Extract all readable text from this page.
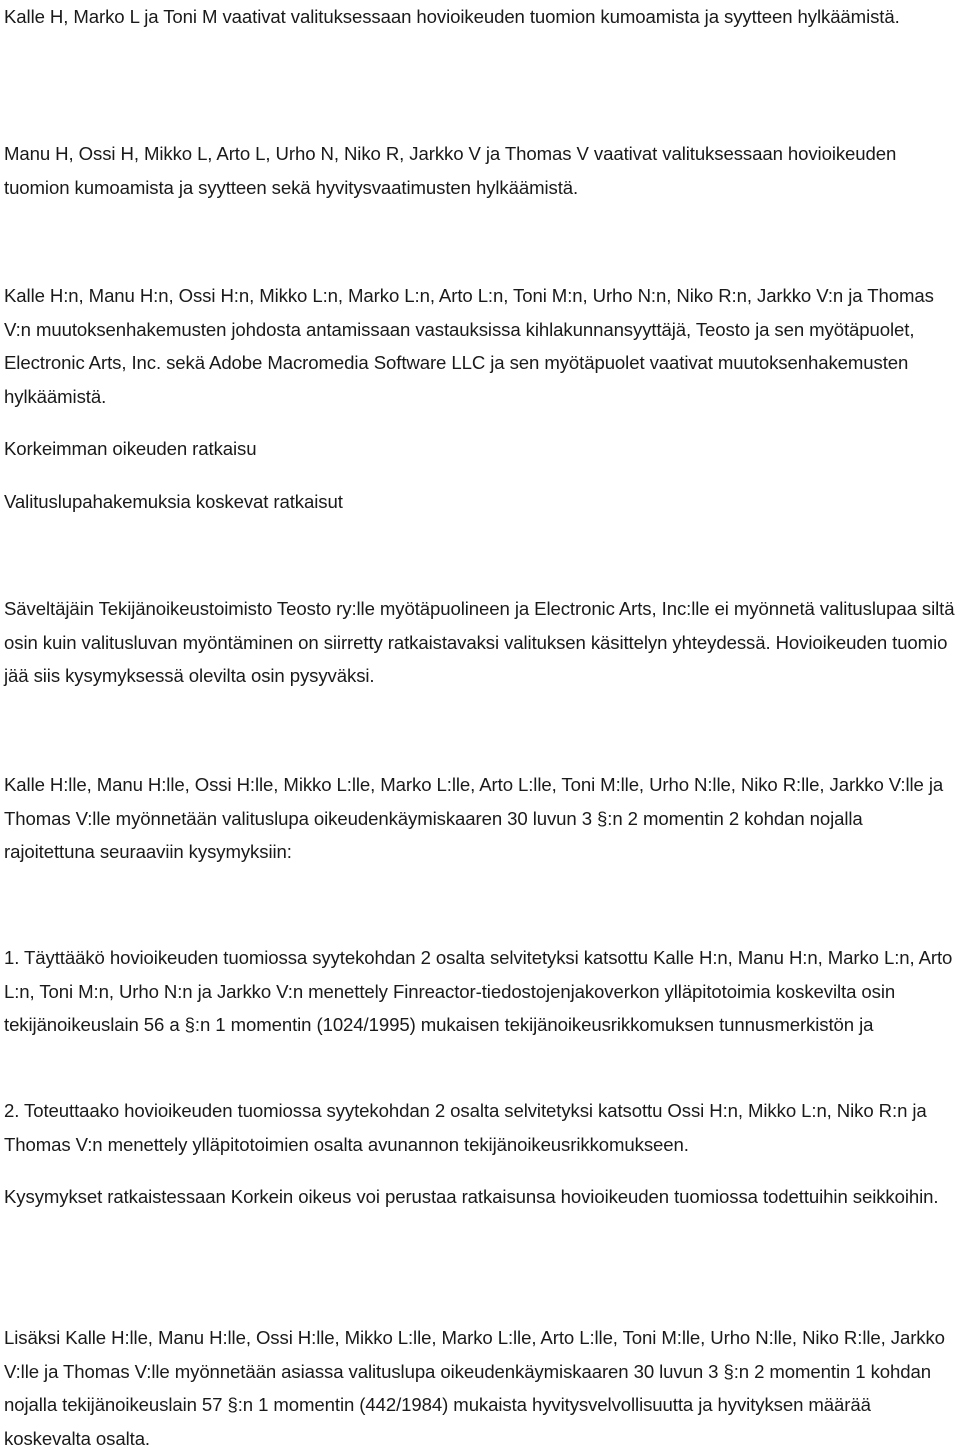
Kalle H, Marko L ja Toni M vaativat valituksessaan hovioikeuden tuomion kumoamista ja syytteen hylkäämistä.

Manu H, Ossi H, Mikko L, Arto L, Urho N, Niko R, Jarkko V ja Thomas V vaativat valituksessaan hovioikeuden tuomion kumoamista ja syytteen sekä hyvitysvaatimusten hylkäämistä.

Kalle H:n, Manu H:n, Ossi H:n, Mikko L:n, Marko L:n, Arto L:n, Toni M:n, Urho N:n, Niko R:n, Jarkko V:n ja Thomas V:n muutoksenhakemusten johdosta antamissaan vastauksissa kihlakunnansyyttäjä, Teosto ja sen myötäpuolet, Electronic Arts, Inc. sekä Adobe Macromedia Software LLC ja sen myötäpuolet vaativat muutoksenhakemusten hylkäämistä.

Korkeimman oikeuden ratkaisu

Valituslupahakemuksia koskevat ratkaisut

Säveltäjäin Tekijänoikeustoimisto Teosto ry:lle myötäpuolineen ja Electronic Arts, Inc:lle ei myönnetä valituslupaa siltä osin kuin valitusluvan myöntäminen on siirretty ratkaistavaksi valituksen käsittelyn yhteydessä. Hovioikeuden tuomio jää siis kysymyksessä olevilta osin pysyväksi.

Kalle H:lle, Manu H:lle, Ossi H:lle, Mikko L:lle, Marko L:lle, Arto L:lle, Toni M:lle, Urho N:lle, Niko R:lle, Jarkko V:lle ja Thomas V:lle myönnetään valituslupa oikeudenkäymiskaaren 30 luvun 3 §:n 2 momentin 2 kohdan nojalla rajoitettuna seuraaviin kysymyksiin:

1. Täyttääkö hovioikeuden tuomiossa syytekohdan 2 osalta selvitetyksi katsottu Kalle H:n, Manu H:n, Marko L:n, Arto L:n, Toni M:n, Urho N:n ja Jarkko V:n menettely Finreactor-tiedostojenjakoverkon ylläpitotoimia koskevilta osin tekijänoikeuslain 56 a §:n 1 momentin (1024/1995) mukaisen tekijänoikeusrikkomuksen tunnusmerkistön ja

2. Toteuttaako hovioikeuden tuomiossa syytekohdan 2 osalta selvitetyksi katsottu Ossi H:n, Mikko L:n, Niko R:n ja Thomas V:n menettely ylläpitotoimien osalta avunannon tekijänoikeusrikkomukseen.

Kysymykset ratkaistessaan Korkein oikeus voi perustaa ratkaisunsa hovioikeuden tuomiossa todettuihin seikkoihin.

Lisäksi Kalle H:lle, Manu H:lle, Ossi H:lle, Mikko L:lle, Marko L:lle, Arto L:lle, Toni M:lle, Urho N:lle, Niko R:lle, Jarkko V:lle ja Thomas V:lle myönnetään asiassa valituslupa oikeudenkäymiskaaren 30 luvun 3 §:n 2 momentin 1 kohdan nojalla tekijänoikeuslain 57 §:n 1 momentin (442/1984) mukaista hyvitysvelvollisuutta ja hyvityksen määrää koskevalta osalta.
